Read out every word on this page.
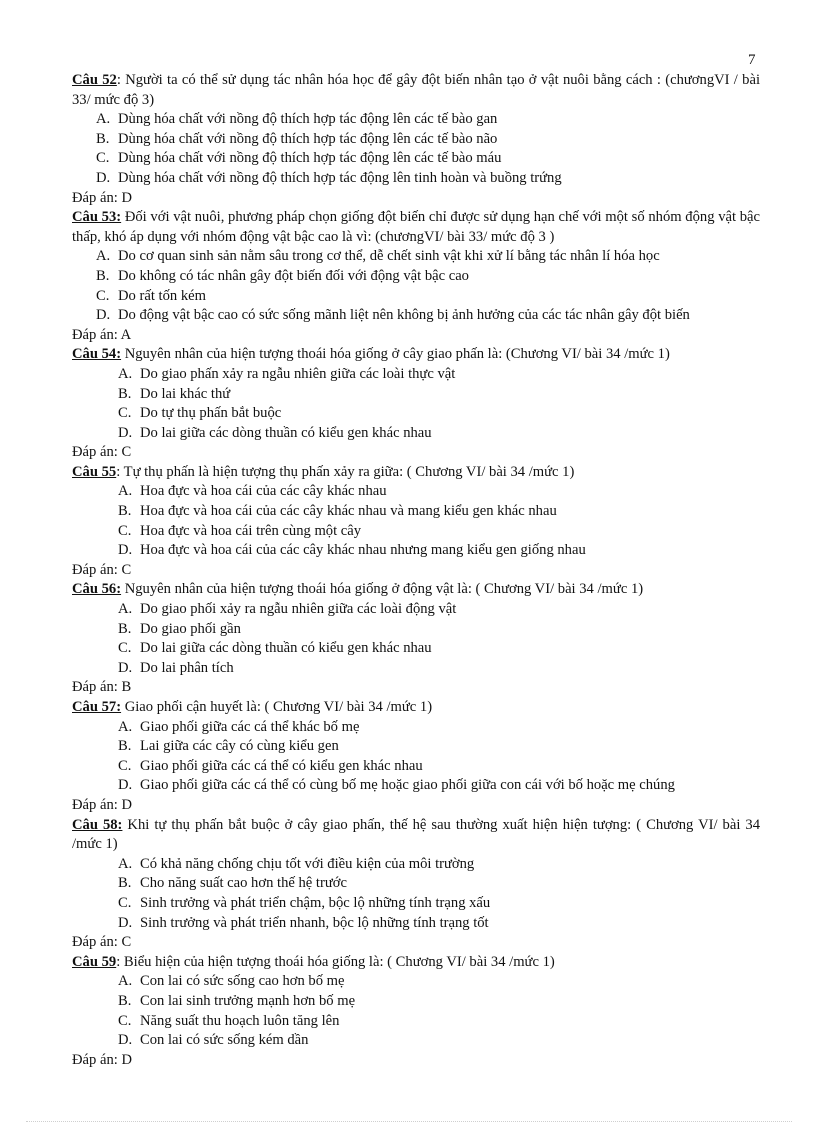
7
Câu 52: Người ta có thể sử dụng tác nhân hóa học để gây đột biến nhân tạo ở vật nuôi bằng cách : (chươngVI / bài 33/ mức độ 3)
A. Dùng hóa chất với nồng độ thích hợp tác động lên các tế bào gan
B. Dùng hóa chất với nồng độ thích hợp tác động lên các tế bào não
C. Dùng hóa chất với nồng độ thích hợp tác động lên các tế bào máu
D. Dùng hóa chất với nồng độ thích hợp tác động lên tinh hoàn và buồng trứng
Đáp án: D
Câu 53: Đối với vật nuôi, phương pháp chọn giống đột biến chỉ được sử dụng hạn chế với một số nhóm động vật bậc thấp, khó áp dụng với nhóm động vật bậc cao là vì: (chươngVI/ bài 33/ mức độ 3 )
A. Do cơ quan sinh sản nằm sâu trong cơ thể, dễ chết sinh vật khi xử lí bằng tác nhân lí hóa học
B. Do không có tác nhân gây đột biến đối với động vật bậc cao
C. Do rất tốn kém
D. Do động vật bậc cao có sức sống mãnh liệt nên không bị ảnh hưởng của các tác nhân gây đột biến
Đáp án: A
Câu 54: Nguyên nhân của hiện tượng thoái hóa giống ở cây giao phấn là: (Chương VI/ bài 34 /mức 1)
A. Do giao phấn xảy ra ngẫu nhiên giữa các loài thực vật
B. Do lai khác thứ
C. Do tự thụ phấn bắt buộc
D. Do lai giữa các dòng thuần có kiểu gen khác nhau
Đáp án: C
Câu 55: Tự thụ phấn là hiện tượng thụ phấn xảy ra giữa: ( Chương VI/ bài 34 /mức 1)
A. Hoa đực và hoa cái của các cây khác nhau
B. Hoa đực và hoa cái của các cây khác nhau và mang kiểu gen khác nhau
C. Hoa đực và hoa cái trên cùng một cây
D. Hoa đực và hoa cái của các cây khác nhau nhưng mang kiểu gen giống nhau
Đáp án: C
Câu 56: Nguyên nhân của hiện tượng thoái hóa giống ở động vật là: ( Chương VI/ bài 34 /mức 1)
A. Do giao phối xảy ra ngẫu nhiên giữa các loài động vật
B. Do giao phối gần
C. Do lai giữa các dòng thuần có kiểu gen khác nhau
D. Do lai phân tích
Đáp án: B
Câu 57: Giao phối cận huyết là: ( Chương VI/ bài 34 /mức 1)
A. Giao phối giữa các cá thể khác bố mẹ
B. Lai giữa các cây có cùng kiểu gen
C. Giao phối giữa các cá thể có kiểu gen khác nhau
D. Giao phối giữa các cá thể có cùng bố mẹ hoặc giao phối giữa con cái với bố hoặc mẹ chúng
Đáp án: D
Câu 58: Khi tự thụ phấn bắt buộc ở cây giao phấn, thế hệ sau thường xuất hiện hiện tượng: ( Chương VI/ bài 34 /mức 1)
A. Có khả năng chống chịu tốt với điều kiện của môi trường
B. Cho năng suất cao hơn thế hệ trước
C. Sinh trưởng và phát triển chậm, bộc lộ những tính trạng xấu
D. Sinh trưởng và phát triển nhanh, bộc lộ những tính trạng tốt
Đáp án: C
Câu 59: Biểu hiện của hiện tượng thoái hóa giống là: ( Chương VI/ bài 34 /mức 1)
A. Con lai có sức sống cao hơn bố mẹ
B. Con lai sinh trưởng mạnh hơn bố mẹ
C. Năng suất thu hoạch luôn tăng lên
D. Con lai có sức sống kém dần
Đáp án: D
